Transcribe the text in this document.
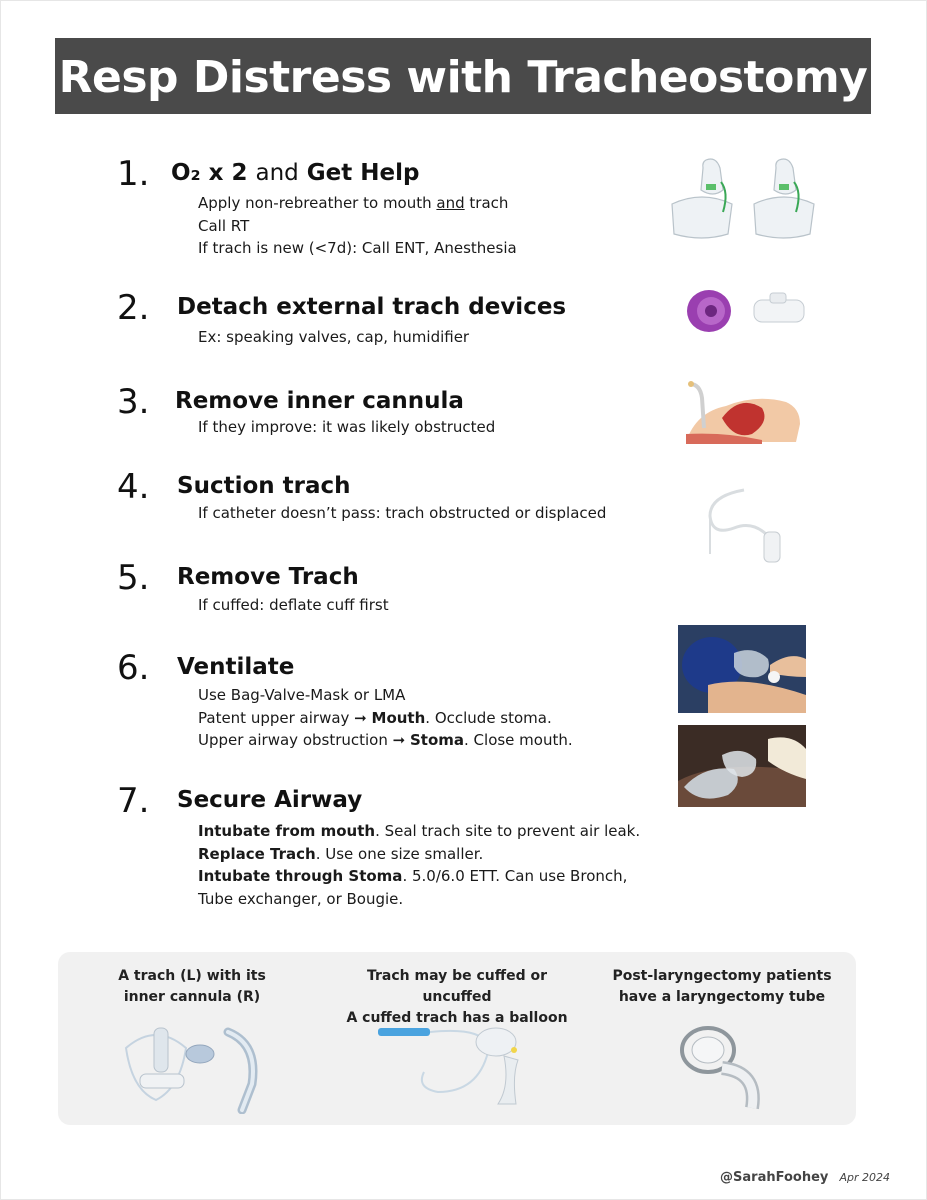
Resp Distress with Tracheostomy
1. O₂ x 2 and Get Help
Apply non-rebreather to mouth and trach
Call RT
If trach is new (<7d): Call ENT, Anesthesia
2. Detach external trach devices
Ex: speaking valves, cap, humidifier
3. Remove inner cannula
If they improve: it was likely obstructed
4. Suction trach
If catheter doesn’t pass: trach obstructed or displaced
5. Remove Trach
If cuffed: deflate cuff first
6. Ventilate
Use Bag-Valve-Mask or LMA
Patent upper airway ➞ Mouth. Occlude stoma.
Upper airway obstruction ➞ Stoma. Close mouth.
7. Secure Airway
Intubate from mouth. Seal trach site to prevent air leak.
Replace Trach. Use one size smaller.
Intubate through Stoma. 5.0/6.0 ETT. Can use Bronch,
Tube exchanger, or Bougie.
A trach (L) with its
inner cannula (R)
Trach may be cuffed or uncuffed
A cuffed trach has a balloon
Post-laryngectomy patients
have a laryngectomy tube
@SarahFoohey Apr 2024
